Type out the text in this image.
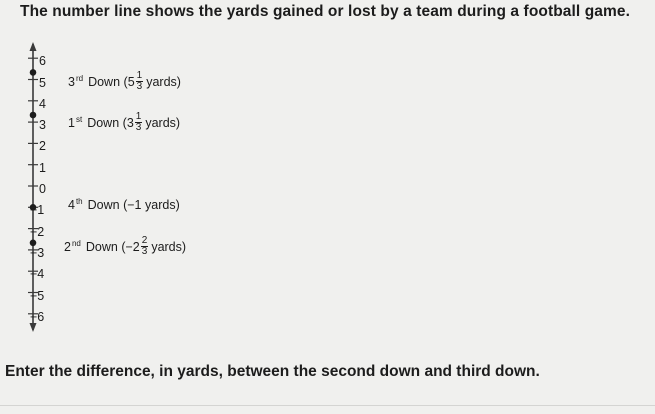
The number line shows the yards gained or lost by a team during a football game.
6
5
4
3
2
1
0
−1
−2
−3
−4
−5
−6
3 rd Down
( $5 \frac{1}{3}$ yards)
1 st Down
( $3 \frac{1}{3}$ yards)
4 th Down
( −1
yards)
2 nd Down
( $-2 \frac{2}{3}$ yards)
Enter the difference, in yards, between the second down and third down.
